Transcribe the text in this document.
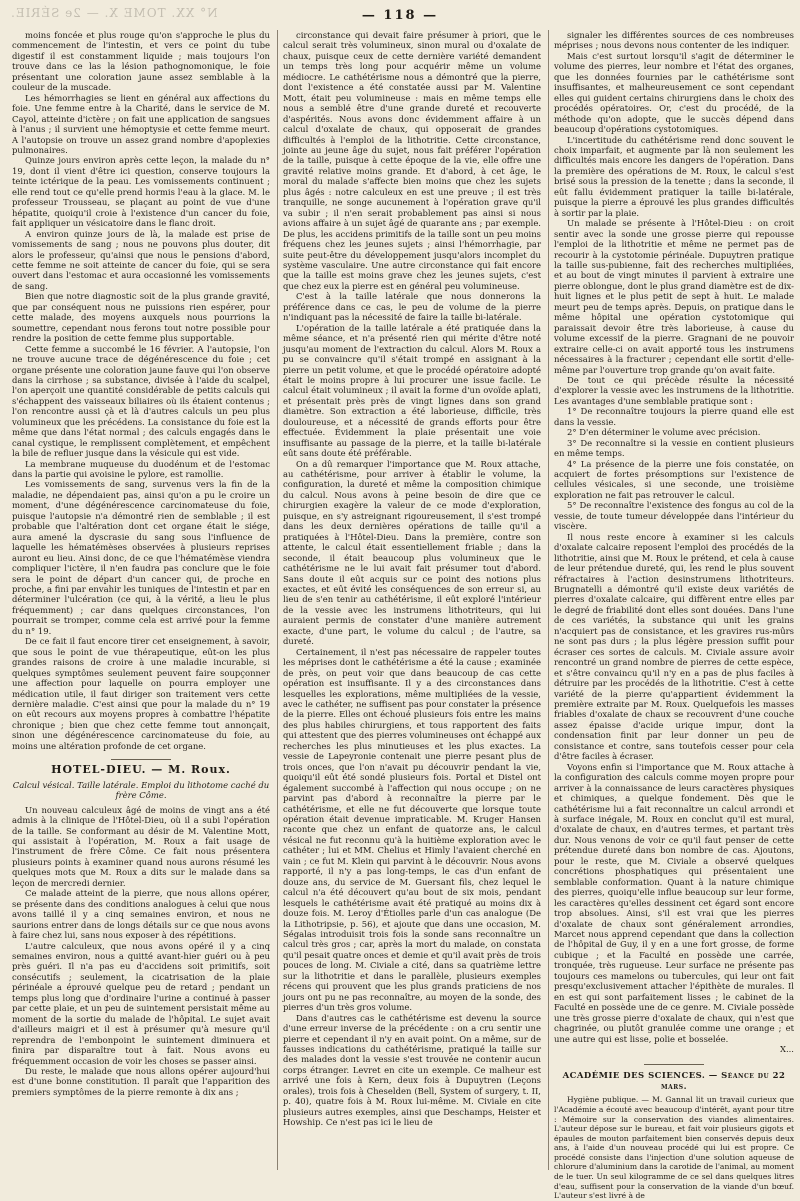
N° XX. TOME X. — 2e SÉRIE.	— 118 —

moins foncée et plus rouge qu'on s'approche le plus du commencement de l'intestin, et vers ce point du tube digestif il est constamment liquide ; mais toujours l'on trouve dans ce las la lésion pathognomonique, le foie présentant une coloration jaune assez semblable à la couleur de la muscade.

Les hémorrhagies se lient en général aux affections du foie. Une femme entre à la Charité, dans le service de M. Cayol, atteinte d'ictère ; on fait une application de sangsues à l'anus ; il survient une hémoptysie et cette femme meurt. A l'autopsie on trouve un assez grand nombre d'apoplexies pulmonaires.

Quinze jours environ après cette leçon, la malade du n° 19, dont il vient d'être ici question, conserve toujours la teinte ictérique de la peau. Les vomissements continuent ; elle rend tout ce qu'elle prend hormis l'eau à la glace. M. le professeur Trousseau, se plaçant au point de vue d'une hépatite, quoiqu'il croie à l'existence d'un cancer du foie, fait appliquer un vésicatoire dans le flanc droit.

A environ quinze jours de là, la malade est prise de vomissements de sang ; nous ne pouvons plus douter, dit alors le professeur, qu'ainsi que nous le pensions d'abord, cette femme ne soit atteinte de cancer du foie, qui se sera ouvert dans l'estomac et aura occasionné les vomissements de sang.

Bien que notre diagnostic soit de la plus grande gravité, que par conséquent nous ne puissions rien espérer, pour cette malade, des moyens auxquels nous pourrions la soumettre, cependant nous ferons tout notre possible pour rendre la position de cette femme plus supportable.

Cette femme a succombé le 16 février. A l'autopsie, l'on ne trouve aucune trace de dégénérescence du foie ; cet organe présente une coloration jaune fauve qui l'on observe dans la cirrhose ; sa substance, divisée à l'aide du scalpel, l'on aperçoit une quantité considérable de petits calculs qui s'échappent des vaisseaux biliaires où ils étaient contenus ; l'on rencontre aussi çà et là d'autres calculs un peu plus volumineux que les précédens. La consistance du foie est la même que dans l'état normal ; des calculs engagés dans le canal cystique, le remplissent complètement, et empêchent la bile de refluer jusque dans la vésicule qui est vide.

La membrane muqueuse du duodénum et de l'estomac dans la partie qui avoisine le pylore, est ramollie.

Les vomissements de sang, survenus vers la fin de la maladie, ne dépendaient pas, ainsi qu'on a pu le croire un moment, d'une dégénérescence carcinomateuse du foie, puisque l'autopsie n'a démontré rien de semblable ; il est probable que l'altération dont cet organe était le siége, aura amené la dyscrasie du sang sous l'influence de laquelle les hématémèses observées à plusieurs reprises auront eu lieu. Ainsi donc, de ce que l'hématémèse viendra compliquer l'ictère, il n'en faudra pas conclure que le foie sera le point de départ d'un cancer qui, de proche en proche, a fini par envahir les tuniques de l'intestin et par en déterminer l'ulcération (ce qui, à la vérité, a lieu le plus fréquemment) ; car dans quelques circonstances, l'on pourrait se tromper, comme cela est arrivé pour la femme du n° 19.

De ce fait il faut encore tirer cet enseignement, à savoir, que sous le point de vue thérapeutique, eût-on les plus grandes raisons de croire à une maladie incurable, si quelques symptômes seulement peuvent faire soupçonner une affection pour laquelle on pourra employer une médication utile, il faut diriger son traitement vers cette dernière maladie. C'est ainsi que pour la malade du n° 19 on eût recours aux moyens propres à combattre l'hépatite chronique ; bien que chez cette femme tout annonçait, sinon une dégénérescence carcinomateuse du foie, au moins une altération profonde de cet organe.

HOTEL-DIEU. — M. Roux.

Calcul vésical. Taille latérale. Emploi du lithotome caché du frère Côme.

Un nouveau calculeux âgé de moins de vingt ans a été admis à la clinique de l'Hôtel-Dieu, où il a subi l'opération de la taille. Se conformant au désir de M. Valentine Mott, qui assistait à l'opération, M. Roux a fait usage de l'instrument de frère Côme. Ce fait nous présentera plusieurs points à examiner quand nous aurons résumé les quelques mots que M. Roux a dits sur le malade dans sa leçon de mercredi dernier.

Ce malade atteint de la pierre, que nous allons opérer, se présente dans des conditions analogues à celui que nous avons taillé il y a cinq semaines environ, et nous ne saurions entrer dans de longs détails sur ce que nous avons à faire chez lui, sans nous exposer à des répétitions.

L'autre calculeux, que nous avons opéré il y a cinq semaines environ, nous a quitté avant-hier guéri ou à peu près guéri. Il n'a pas eu d'accidens soit primitifs, soit consécutifs ; seulement, la cicatrisation de la plaie périnéale a éprouvé quelque peu de retard ; pendant un temps plus long que d'ordinaire l'urine a continué à passer par cette plaie, et un peu de suintement persistait même au moment de la sortie du malade de l'hôpital. Le sujet avait d'ailleurs maigri et il est à présumer qu'à mesure qu'il reprendra de l'embonpoint le suintement diminuera et finira par disparaître tout à fait. Nous avons eu fréquemment occasion de voir les choses se passer ainsi.

Du reste, le malade que nous allons opérer aujourd'hui est d'une bonne constitution. Il paraît que l'apparition des premiers symptômes de la pierre remonte à dix ans ;

circonstance qui devait faire présumer à priori, que le calcul serait très volumineux, sinon mural ou d'oxalate de chaux, puisque ceux de cette dernière variété demandent un temps très long pour acquérir même un volume médiocre. Le cathétérisme nous a démontré que la pierre, dont l'existence a été constatée aussi par M. Valentine Mott, était peu volumineuse : mais en même temps elle nous a semblé être d'une grande dureté et recouverte d'aspérités. Nous avons donc évidemment affaire à un calcul d'oxalate de chaux, qui opposerait de grandes difficultés à l'emploi de la lithotritie. Cette circonstance, jointe au jeune âge du sujet, nous fait préférer l'opération de la taille, puisque à cette époque de la vie, elle offre une gravité relative moins grande. Et d'abord, à cet âge, le moral du malade s'affecte bien moins que chez les sujets plus âgés : notre calculeux en est une preuve ; il est très tranquille, ne songe aucunement à l'opération grave qu'il va subir ; il n'en serait probablement pas ainsi si nous avions affaire à un sujet âgé de quarante ans ; par exemple. De plus, les accidens primitifs de la taille sont un peu moins fréquens chez les jeunes sujets ; ainsi l'hémorrhagie, par suite peut-être du développement jusqu'alors incomplet du système vasculaire. Une autre circonstance qui fait encore que la taille est moins grave chez les jeunes sujets, c'est que chez eux la pierre est en général peu volumineuse.

C'est à la taille latérale que nous donnerons la préférence dans ce cas, le peu de volume de la pierre n'indiquant pas la nécessité de faire la taille bi-latérale.

L'opération de la taille latérale a été pratiquée dans la même séance, et n'a présenté rien qui mérite d'être noté jusqu'au moment de l'extraction du calcul. Alors M. Roux a pu se convaincre qu'il s'était trompé en assignant à la pierre un petit volume, et que le procédé opératoire adopté était le moins propre à lui procurer une issue facile. Le calcul était volumineux ; il avait la forme d'un ovoïde aplati, et présentait près près de vingt lignes dans son grand diamètre. Son extraction a été laborieuse, difficile, très douloureuse, et a nécessité de grands efforts pour être effectuée. Évidemment la plaie présentait une voie insuffisante au passage de la pierre, et la taille bi-latérale eût sans doute été préférable.

On a dû remarquer l'importance que M. Roux attache, au cathétérisme, pour arriver à établir le volume, la configuration, la dureté et même la composition chimique du calcul. Nous avons à peine besoin de dire que ce chirurgien exagère la valeur de ce mode d'exploration, puisque, en s'y astreignant rigoureusement, il s'est trompé dans les deux dernières opérations de taille qu'il a pratiquées à l'Hôtel-Dieu. Dans la première, contre son attente, le calcul était essentiellement friable ; dans la seconde, il était beaucoup plus volumineux que le cathétérisme ne le lui avait fait présumer tout d'abord. Sans doute il eût acquis sur ce point des notions plus exactes, et eût évité les conséquences de son erreur si, au lieu de s'en tenir au cathétérisme, il eût exploré l'intérieur de la vessie avec les instrumens lithotriteurs, qui lui auraient permis de constater d'une manière autrement exacte, d'une part, le volume du calcul ; de l'autre, sa dureté.

Certainement, il n'est pas nécessaire de rappeler toutes les méprises dont le cathétérisme a été la cause ; examinée de près, on peut voir que dans beaucoup de cas cette opération est insuffisante. Il y a des circonstances dans lesquelles les explorations, même multipliées de la vessie, avec le cathéter, ne suffisent pas pour constater la présence de la pierre. Elles ont échoué plusieurs fois entre les mains des plus habiles chirurgiens, et tous rapportent des faits qui attestent que des pierres volumineuses ont échappé aux recherches les plus minutieuses et les plus exactes. La vessie de Lapeyronie contenait une pierre pesant plus de trois onces, que l'on n'avait pu découvrir pendant la vie, quoiqu'il eût été sondé plusieurs fois. Portal et Distel ont également succombé à l'affection qui nous occupe ; on ne parvint pas d'abord à reconnaître la pierre par le cathétérisme, et elle ne fut découverte que lorsque toute opération était devenue impraticable. M. Kruger Hansen raconte que chez un enfant de quatorze ans, le calcul vésical ne fut reconnu qu'à la huitième exploration avec le cathéter ; lui et MM. Chelius et Himly l'avaient cherché en vain ; ce fut M. Klein qui parvint à le découvrir. Nous avons rapporté, il n'y a pas long-temps, le cas d'un enfant de douze ans, du service de M. Guersant fils, chez lequel le calcul n'a été découvert qu'au bout de six mois, pendant lesquels le cathétérisme avait été pratiqué au moins dix à douze fois. M. Leroy d'Étiolles parle d'un cas analogue (De la Lithotripsie, p. 56), et ajoute que dans une occasion, M. Ségalas introduisit trois fois la sonde sans reconnaître un calcul très gros ; car, après la mort du malade, on constata qu'il pesait quatre onces et demie et qu'il avait près de trois pouces de long. M. Civiale a cité, dans sa quatrième lettre sur la lithotritie et dans le parallèle, plusieurs exemples récens qui prouvent que les plus grands praticiens de nos jours ont pu ne pas reconnaître, au moyen de la sonde, des pierres d'un très gros volume.

Dans d'autres cas le cathétérisme est devenu la source d'une erreur inverse de la précédente : on a cru sentir une pierre et cependant il n'y en avait point. On a même, sur de fausses indications du cathétérisme, pratiqué la taille sur des malades dont la vessie s'est trouvée ne contenir aucun corps étranger. Levret en cite un exemple. Ce malheur est arrivé une fois à Kern, deux fois à Dupuytren (Leçons orales), trois fois à Cheselden (Bell, System of surgery, t. II, p. 40), quatre fois à M. Roux lui-même. M. Civiale en cite plusieurs autres exemples, ainsi que Deschamps, Heister et Howship. Ce n'est pas ici le lieu de

signaler les différentes sources de ces nombreuses méprises ; nous devons nous contenter de les indiquer.

Mais c'est surtout lorsqu'il s'agit de déterminer le volume des pierres, leur nombre et l'état des organes, que les données fournies par le cathétérisme sont insuffisantes, et malheureusement ce sont cependant elles qui guident certains chirurgiens dans le choix des procédés opératoires. Or, c'est du procédé, de la méthode qu'on adopte, que le succès dépend dans beaucoup d'opérations cystotomiques.

L'incertitude du cathétérisme rend donc souvent le choix imparfait, et augmente par là non seulement les difficultés mais encore les dangers de l'opération. Dans la première des opérations de M. Roux, le calcul s'est brisé sous la pression de la tenette ; dans la seconde, il eût fallu évidemment pratiquer la taille bi-latérale, puisque la pierre a éprouvé les plus grandes difficultés à sortir par la plaie.

Un malade se présente à l'Hôtel-Dieu : on croit sentir avec la sonde une grosse pierre qui repousse l'emploi de la lithotritie et même ne permet pas de recourir à la cystotomie périnéale. Dupuytren pratique la taille sus-pubienne, fait des recherches multipliées, et au bout de vingt minutes il parvient à extraire une pierre oblongue, dont le plus grand diamètre est de dix-huit lignes et le plus petit de sept à huit. Le malade meurt peu de temps après. Depuis, on pratique dans le même hôpital une opération cystotomique qui paraissait devoir être très laborieuse, à cause du volume excessif de la pierre. Gragnani de ne pouvoir extraire celle-ci on avait apporté tous les instrumens nécessaires à la fracturer ; cependant elle sortit d'elle-même par l'ouverture trop grande qu'on avait faite.

De tout ce qui précède résulte la nécessité d'explorer la vessie avec les instrumens de la lithotritie. Les avantages d'une semblable pratique sont :

1° De reconnaître toujours la pierre quand elle est dans la vessie.

2° D'en déterminer le volume avec précision.

3° De reconnaître si la vessie en contient plusieurs en même temps.

4° La présence de la pierre une fois constatée, on acquiert de fortes présomptions sur l'existence de cellules vésicales, si une seconde, une troisième exploration ne fait pas retrouver le calcul.

5° De reconnaître l'existence des fongus au col de la vessie, de toute tumeur développée dans l'intérieur du viscère.

Il nous reste encore à examiner si les calculs d'oxalate calcaire reposent l'emploi des procédés de la lithotritie, ainsi que M. Roux le prétend, et cela à cause de leur prétendue dureté, qui, les rend le plus souvent réfractaires à l'action desinstrumens lithotriteurs. Brugnatelli a démontré qu'il existe deux variétés de pierres d'oxalate calcaire, qui diffèrent entre elles par le degré de friabilité dont elles sont douées. Dans l'une de ces variétés, la substance qui unit les grains n'acquiert pas de consistance, et les gravires rus-mûrs ne sont pas durs ; la plus légère pression suffit pour écraser ces sortes de calculs. M. Civiale assure avoir rencontré un grand nombre de pierres de cette espèce, et s'être convaincu qu'il n'y en a pas de plus faciles à détruire par les procédés de la lithotritie. C'est à cette variété de la pierre qu'appartient évidemment la première extraite par M. Roux. Quelquefois les masses friables d'oxalate de chaux se recouvrent d'une couche assez épaisse d'acide urique impur, dont la condensation finit par leur donner un peu de consistance et contre, sans toutefois cesser pour cela d'être faciles à écraser.

Voyons enfin si l'importance que M. Roux attache à la configuration des calculs comme moyen propre pour arriver à la connaissance de leurs caractères physiques et chimiques, a quelque fondement. Dès que le cathétérisme lui a fait reconnaître un calcul arrondi et à surface inégale, M. Roux en conclut qu'il est mural, d'oxalate de chaux, en d'autres termes, et partant très dur. Nous venons de voir ce qu'il faut penser de cette prétendue dureté dans bon nombre de cas. Ajoutons, pour le reste, que M. Civiale a observé quelques concrétions phosphatiques qui présentaient une semblable conformation. Quant à la nature chimique des pierres, quoiqu'elle influe beaucoup sur leur forme, les caractères qu'elles dessinent cet égard sont encore trop absolues. Ainsi, s'il est vrai que les pierres d'oxalate de chaux sont généralement arrondies, Marcet nous apprend cependant que dans la collection de l'hôpital de Guy, il y en a une fort grosse, de forme cubique ; et la Faculté en possède une carrée, tronquée, très rugueuse. Leur surface ne présente pas toujours ces mamelons ou tubercules, qui leur ont fait presqu'exclusivement attacher l'épithète de murales. Il en est qui sont parfaitement lisses ; le cabinet de la Faculté en possède une de ce genre. M. Civiale possède une très grosse pierre d'oxalate de chaux, qui n'est que chagrinée, ou plutôt granulée comme une orange ; et une autre qui est lisse, polie et bosselée.

X...

ACADÉMIE DES SCIENCES. — Séance du 22 mars.

Hygiène publique. — M. Gannal lit un travail curieux que l'Académie a écouté avec beaucoup d'intérêt, ayant pour titre : Mémoire sur la conservation des viandes alimentaires. L'auteur dépose sur le bureau, et fait voir plusieurs gigots et épaules de mouton parfaitement bien conservés depuis deux ans, à l'aide d'un nouveau procédé qui lui est propre. Ce procédé consiste dans l'injection d'une solution aqueuse de chlorure d'aluminium dans la carotide de l'animal, au moment de le tuer. Un seul kilogramme de ce sel dans quelques litres d'eau, suffisent pour la conservation de la viande d'un bœuf. L'auteur s'est livré à de
